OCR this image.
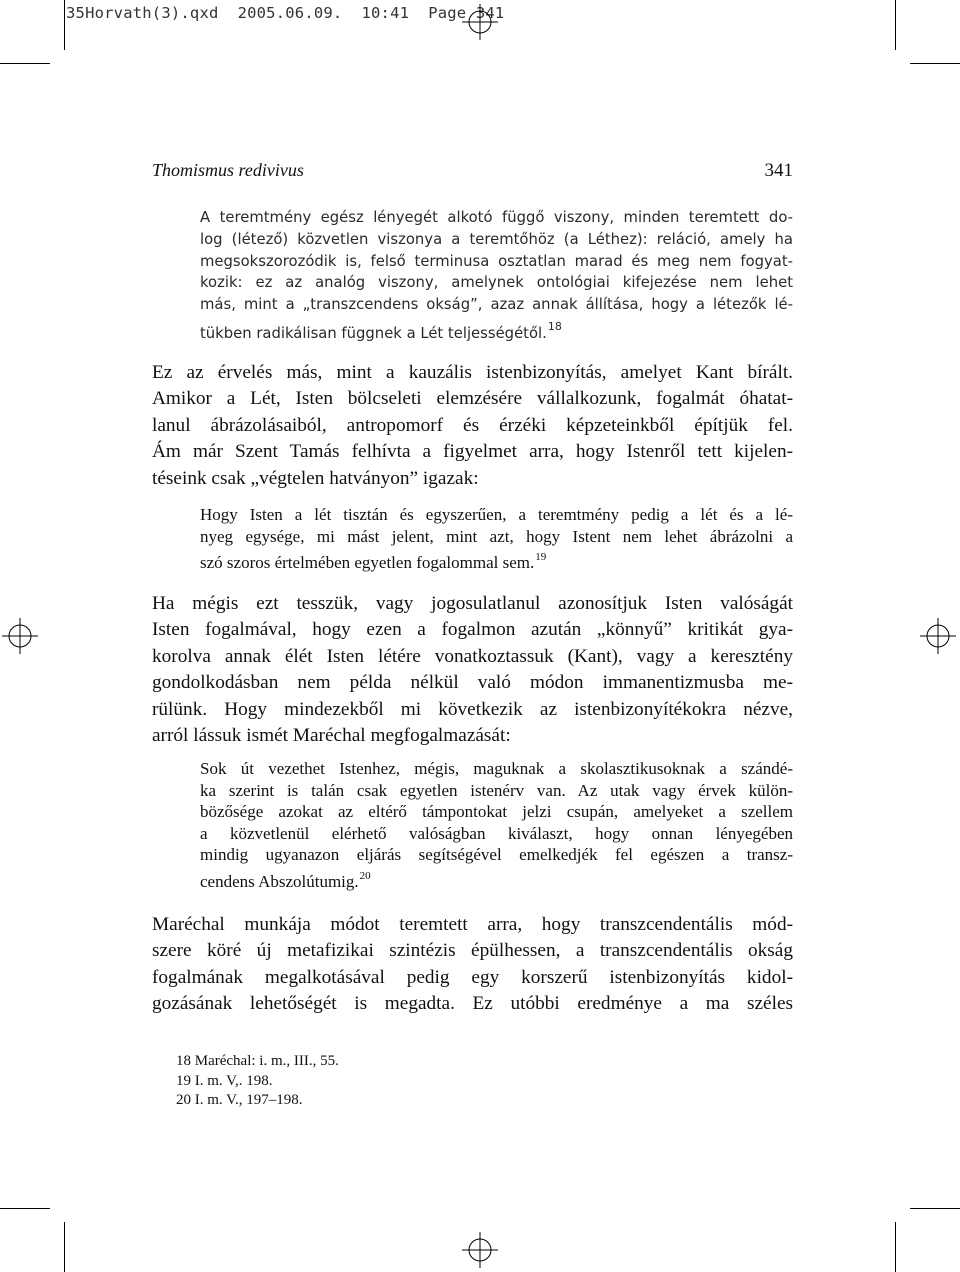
35Horvath(3).qxd  2005.06.09.  10:41  Page 341
Thomismus redivivus	341
A teremtmény egész lényegét alkotó függő viszony, minden teremtett do-
log (létező) közvetlen viszonya a teremtőhöz (a Léthez): reláció, amely ha
megsokszorozódik is, felső terminusa osztatlan marad és meg nem fogyat-
kozik: ez az analóg viszony, amelynek ontológiai kifejezése nem lehet
más, mint a „transzcendens okság”, azaz annak állítása, hogy a létezők lé-
tükben radikálisan függnek a Lét teljességétől.$^{18}$
Ez az érvelés más, mint a kauzális istenbizonyítás, amelyet Kant bírált.
Amikor a Lét, Isten bölcseleti elemzésére vállalkozunk, fogalmát óhatat-
lanul ábrázolásaiból, antropomorf és érzéki képzeteinkből építjük fel.
Ám már Szent Tamás felhívta a figyelmet arra, hogy Istenről tett kijelen-
téseink csak „végtelen hatványon” igazak:
Hogy Isten a lét tisztán és egyszerűen, a teremtmény pedig a lét és a lé-
nyeg egysége, mi mást jelent, mint azt, hogy Istent nem lehet ábrázolni a
szó szoros értelmében egyetlen fogalommal sem.$^{19}$
Ha mégis ezt tesszük, vagy jogosulatlanul azonosítjuk Isten valóságát
Isten fogalmával, hogy ezen a fogalmon azután „könnyű” kritikát gya-
korolva annak élét Isten létére vonatkoztassuk (Kant), vagy a keresztény
gondolkodásban nem példa nélkül való módon immanentizmusba me-
rülünk. Hogy mindezekből mi következik az istenbizonyítékokra nézve,
arról lássuk ismét Maréchal megfogalmazását:
Sok út vezethet Istenhez, mégis, maguknak a skolasztikusoknak a szándé-
ka szerint is talán csak egyetlen istenérv van. Az utak vagy érvek külön-
bözősége azokat az eltérő támpontokat jelzi csupán, amelyeket a szellem
a közvetlenül elérhető valóságban kiválaszt, hogy onnan lényegében
mindig ugyanazon eljárás segítségével emelkedjék fel egészen a transz-
cendens Abszolútumig.$^{20}$
Maréchal munkája módot teremtett arra, hogy transzcendentális mód-
szere köré új metafizikai szintézis épülhessen, a transzcendentális okság
fogalmának megalkotásával pedig egy korszerű istenbizonyítás kidol-
gozásának lehetőségét is megadta. Ez utóbbi eredménye a ma széles
18 Maréchal: i. m., III., 55.
19 I. m. V,. 198.
20 I. m. V., 197–198.
